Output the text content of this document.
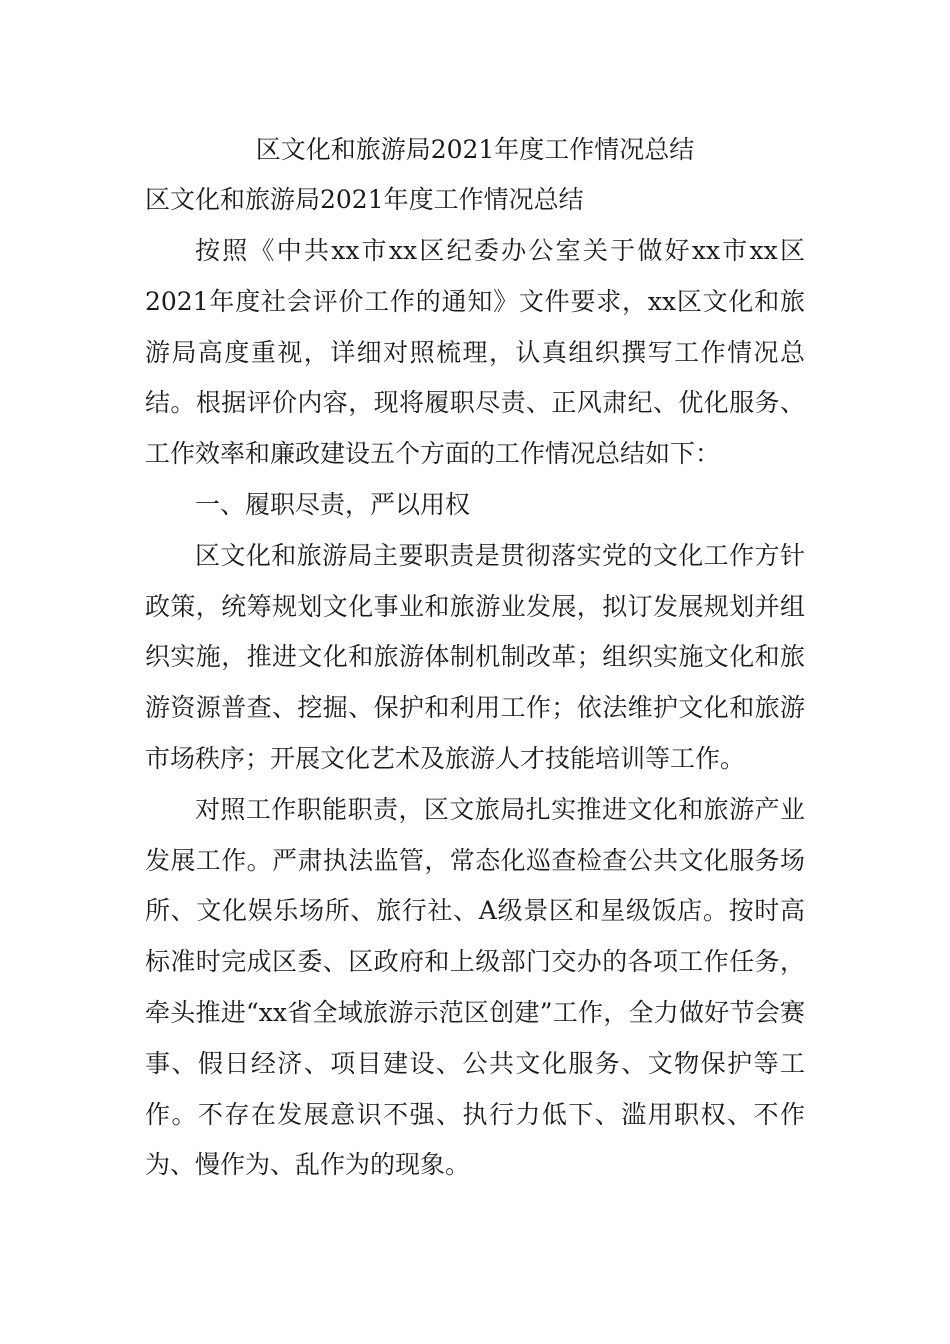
区文化和旅游局2021年度工作情况总结
区文化和旅游局2021年度工作情况总结

按照《中共xx市xx区纪委办公室关于做好xx市xx区2021年度社会评价工作的通知》文件要求，xx区文化和旅游局高度重视，详细对照梳理，认真组织撰写工作情况总结。根据评价内容，现将履职尽责、正风肃纪、优化服务、工作效率和廉政建设五个方面的工作情况总结如下：

一、履职尽责，严以用权

区文化和旅游局主要职责是贯彻落实党的文化工作方针政策，统筹规划文化事业和旅游业发展，拟订发展规划并组织实施，推进文化和旅游体制机制改革；组织实施文化和旅游资源普查、挖掘、保护和利用工作；依法维护文化和旅游市场秩序；开展文化艺术及旅游人才技能培训等工作。

对照工作职能职责，区文旅局扎实推进文化和旅游产业发展工作。严肃执法监管，常态化巡查检查公共文化服务场所、文化娱乐场所、旅行社、A级景区和星级饭店。按时高标准时完成区委、区政府和上级部门交办的各项工作任务，牵头推进“xx省全域旅游示范区创建”工作，全力做好节会赛事、假日经济、项目建设、公共文化服务、文物保护等工作。不存在发展意识不强、执行力低下、滥用职权、不作为、慢作为、乱作为的现象。
